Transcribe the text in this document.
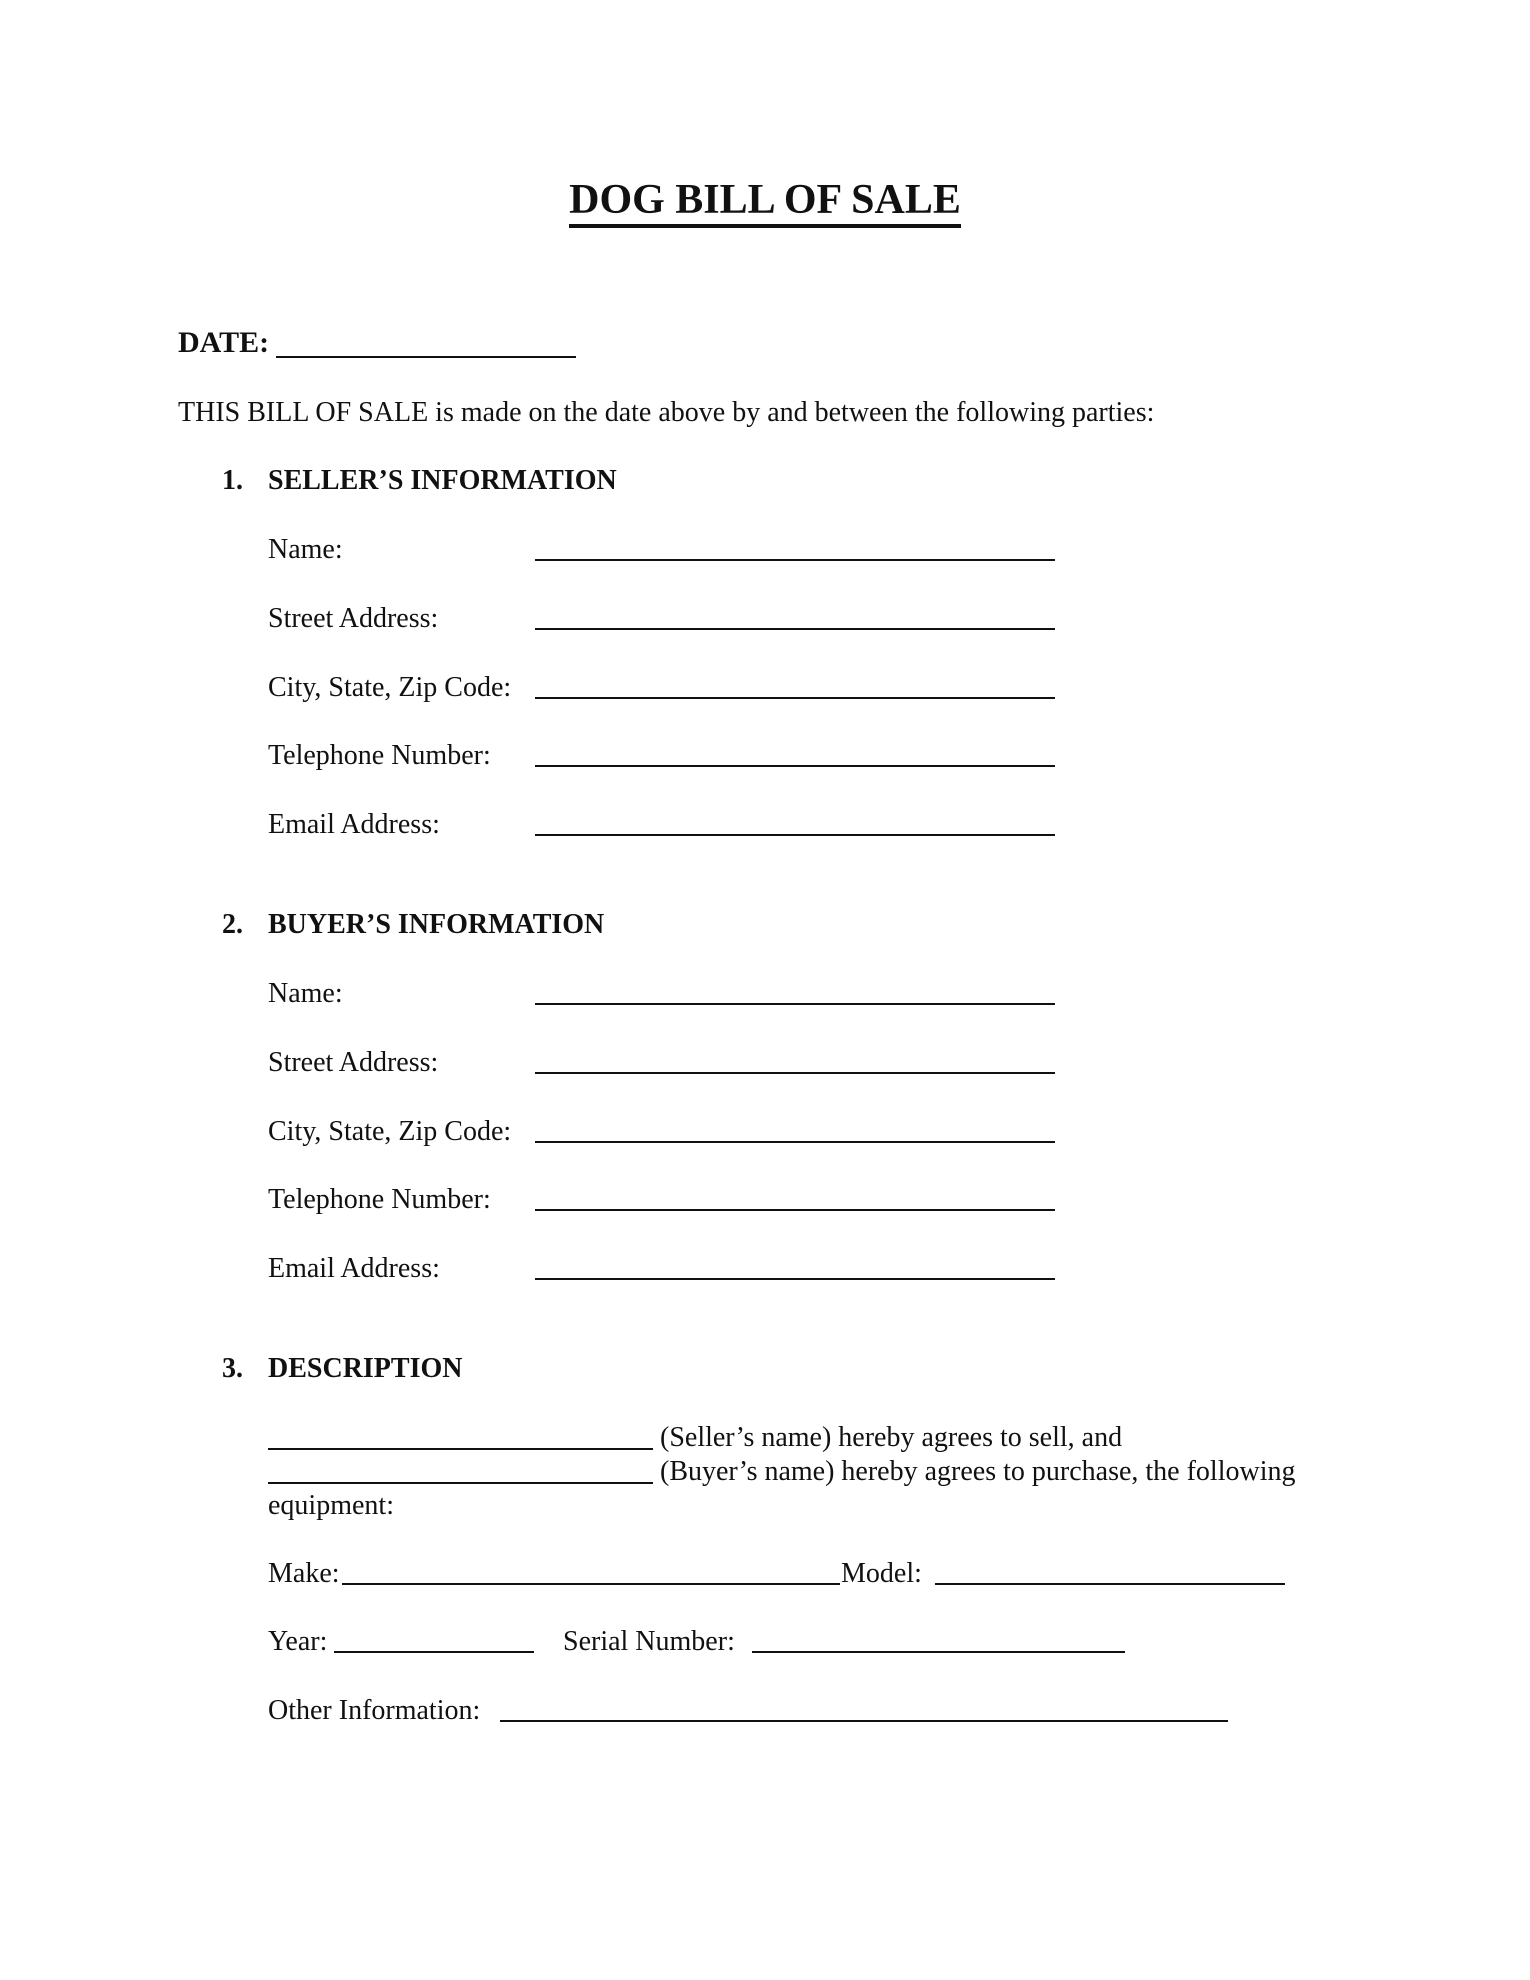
DOG BILL OF SALE
DATE:
THIS BILL OF SALE is made on the date above by and between the following parties:
1. SELLER’S INFORMATION
Name:
Street Address:
City, State, Zip Code:
Telephone Number:
Email Address:
2. BUYER’S INFORMATION
Name:
Street Address:
City, State, Zip Code:
Telephone Number:
Email Address:
3. DESCRIPTION
(Seller’s name) hereby agrees to sell, and
(Buyer’s name) hereby agrees to purchase, the following
equipment:
Make:	Model:
Year:	Serial Number:
Other Information:
